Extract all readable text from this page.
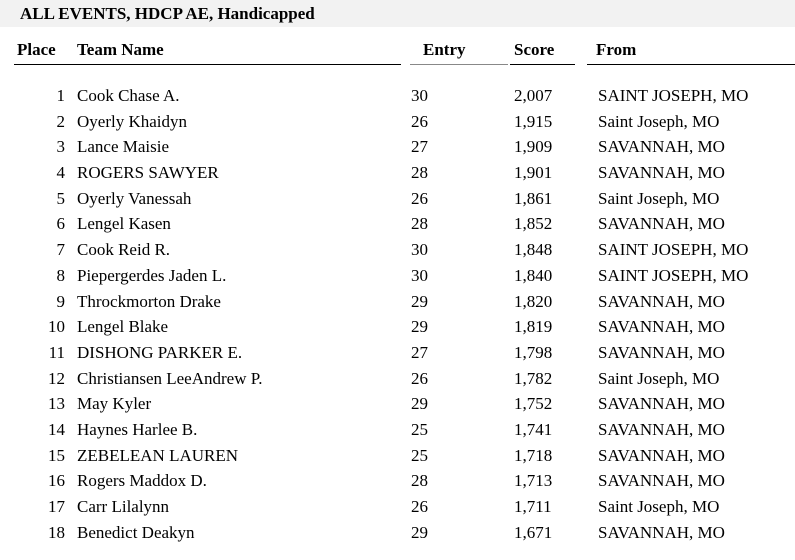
ALL EVENTS, HDCP AE, Handicapped
Place Team Name	Entry	Score From
1 Cook Chase A.	30	2,007	SAINT JOSEPH, MO
2 Oyerly Khaidyn	26	1,915	Saint Joseph, MO
3 Lance Maisie	27	1,909	SAVANNAH, MO
4 ROGERS SAWYER	28	1,901	SAVANNAH, MO
5 Oyerly Vanessah	26	1,861	Saint Joseph, MO
6 Lengel Kasen	28	1,852	SAVANNAH, MO
7 Cook Reid R.	30	1,848	SAINT JOSEPH, MO
8 Piepergerdes Jaden L.	30	1,840	SAINT JOSEPH, MO
9 Throckmorton Drake	29	1,820	SAVANNAH, MO
10 Lengel Blake	29	1,819	SAVANNAH, MO
11 DISHONG PARKER E.	27	1,798	SAVANNAH, MO
12 Christiansen LeeAndrew P.	26	1,782	Saint Joseph, MO
13 May Kyler	29	1,752	SAVANNAH, MO
14 Haynes Harlee B.	25	1,741	SAVANNAH, MO
15 ZEBELEAN LAUREN	25	1,718	SAVANNAH, MO
16 Rogers Maddox D.	28	1,713	SAVANNAH, MO
17 Carr Lilalynn	26	1,711	Saint Joseph, MO
18 Benedict Deakyn	29	1,671	SAVANNAH, MO
